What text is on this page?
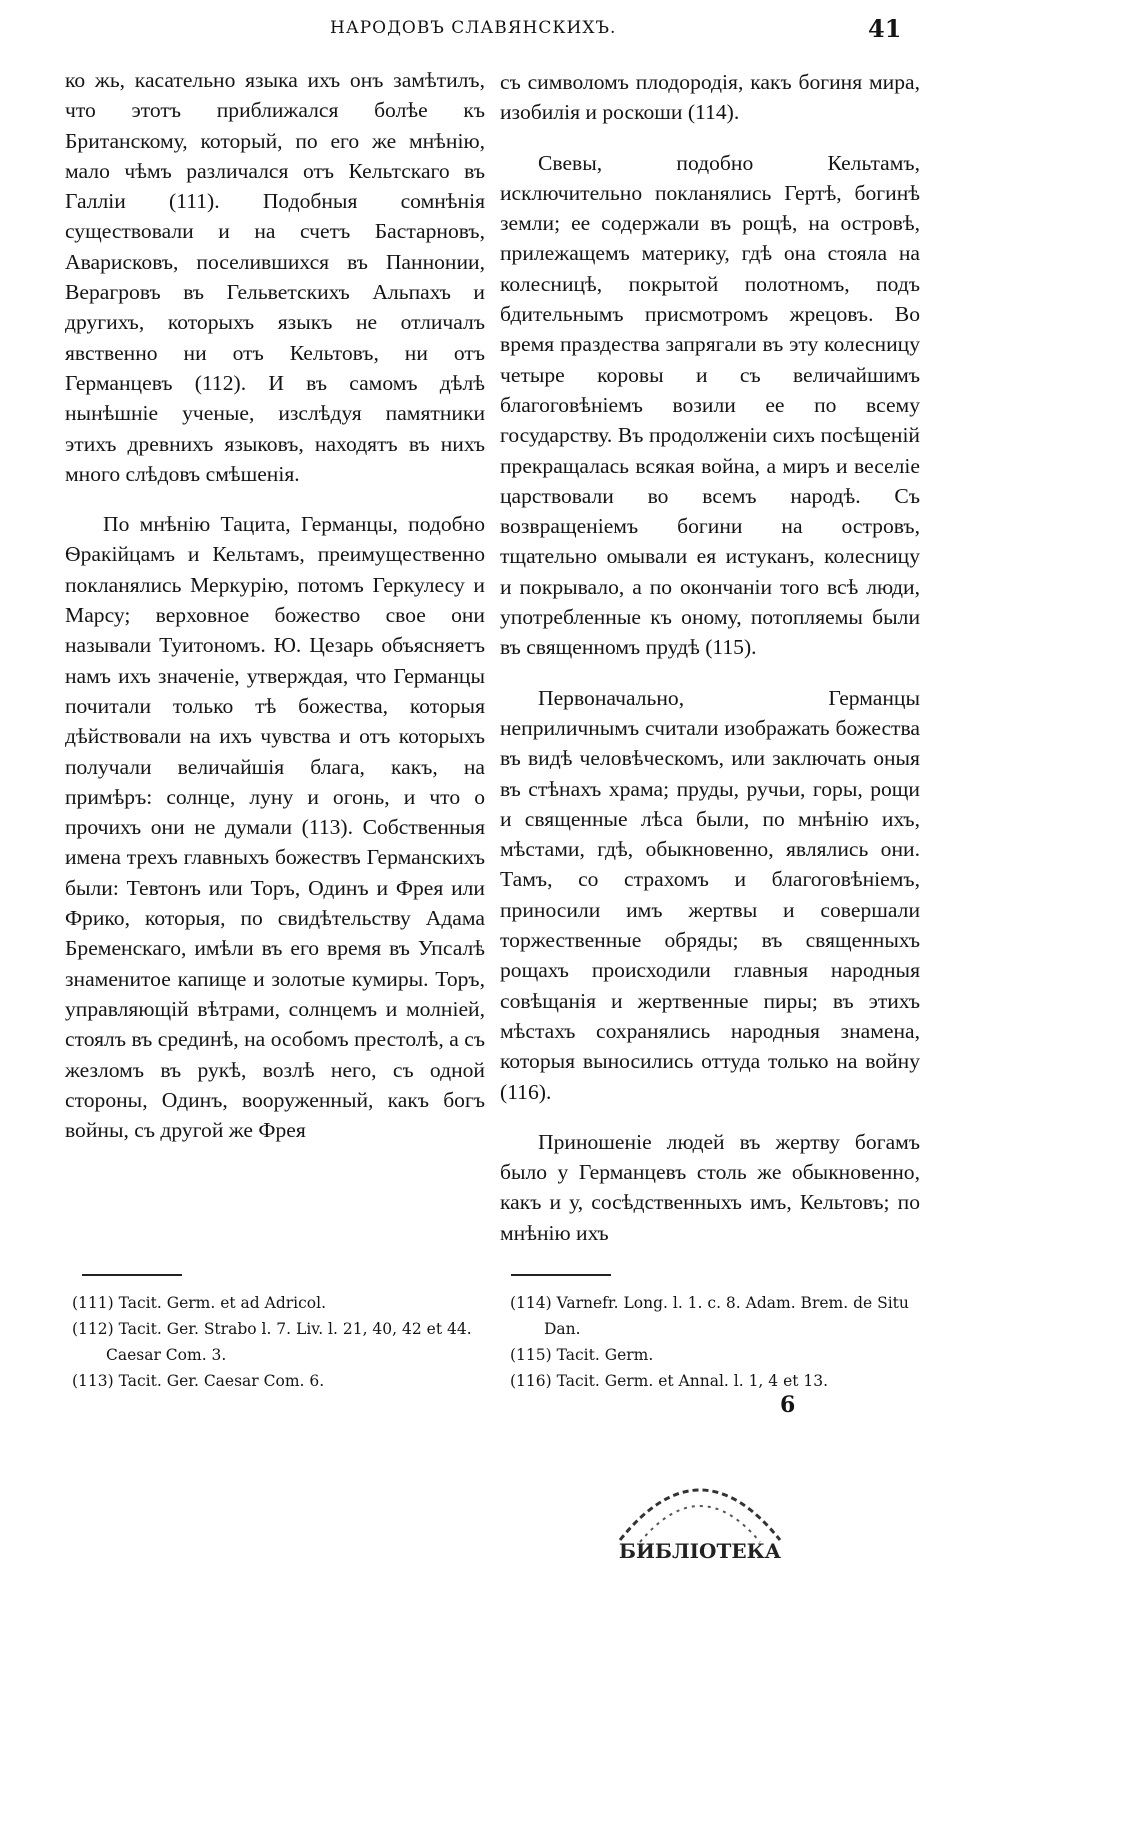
НАРОДОВЪ СЛАВЯНСКИХЪ.	41

ко жь, касательно языка ихъ онъ замѣтилъ, что этотъ приближался болѣе къ Британскому, который, по его же мнѣнію, мало чѣмъ различался отъ Кельтскаго въ Галліи (111). Подобныя сомнѣнія существовали и на счетъ Бастарновъ, Аварисковъ, поселившихся въ Паннонии, Верагровъ въ Гельветскихъ Альпахъ и другихъ, которыхъ языкъ не отличалъ явственно ни отъ Кельтовъ, ни отъ Германцевъ (112). И въ самомъ дѣлѣ нынѣшніе ученые, изслѣдуя памятники этихъ древнихъ языковъ, находятъ въ нихъ много слѣдовъ смѣшенія.

По мнѣнію Тацита, Германцы, подобно Ѳракійцамъ и Кельтамъ, преимущественно покланялись Меркурію, потомъ Геркулесу и Марсу; верховное божество свое они называли Туитономъ. Ю. Цезарь объясняетъ намъ ихъ значеніе, утверждая, что Германцы почитали только тѣ божества, которыя дѣйствовали на ихъ чувства и отъ которыхъ получали величайшія блага, какъ, на примѣръ: солнце, луну и огонь, и что о прочихъ они не думали (113). Собственныя имена трехъ главныхъ божествъ Германскихъ были: Тевтонъ или Торъ, Одинъ и Фрея или Фрико, которыя, по свидѣтельству Адама Бременскаго, имѣли въ его время въ Упсалѣ знаменитое капище и золотые кумиры. Торъ, управляющій вѣтрами, солнцемъ и молніей, стоялъ въ срединѣ, на особомъ престолѣ, а съ жезломъ въ рукѣ, возлѣ него, съ одной стороны, Одинъ, вооруженный, какъ богъ войны, съ другой же Фрея

съ символомъ плодородія, какъ богиня мира, изобилія и роскоши (114).

Свевы, подобно Кельтамъ, исключительно покланялись Гертѣ, богинѣ земли; ее содержали въ рощѣ, на островѣ, прилежащемъ материку, гдѣ она стояла на колесницѣ, покрытой полотномъ, подъ бдительнымъ присмотромъ жрецовъ. Во время праздества запрягали въ эту колесницу четыре коровы и съ величайшимъ благоговѣніемъ возили ее по всему государству. Въ продолженіи сихъ посѣщеній прекращалась всякая война, а миръ и веселіе царствовали во всемъ народѣ. Съ возвращеніемъ богини на островъ, тщательно омывали ея истуканъ, колесницу и покрывало, а по окончаніи того всѣ люди, употребленные къ оному, потопляемы были въ священномъ прудѣ (115).

Первоначально, Германцы неприличнымъ считали изображать божества въ видѣ человѣческомъ, или заключать оныя въ стѣнахъ храма; пруды, ручьи, горы, рощи и священные лѣса были, по мнѣнію ихъ, мѣстами, гдѣ, обыкновенно, являлись они. Тамъ, со страхомъ и благоговѣніемъ, приносили имъ жертвы и совершали торжественные обряды; въ священныхъ рощахъ происходили главныя народныя совѣщанія и жертвенные пиры; въ этихъ мѣстахъ сохранялись народныя знамена, которыя выносились оттуда только на войну (116).

Приношеніе людей въ жертву богамъ было у Германцевъ столь же обыкновенно, какъ и у, сосѣдственныхъ имъ, Кельтовъ; по мнѣнію ихъ

(111) Tacit. Germ. et ad Adricol.
(112) Tacit. Ger. Strabo l. 7. Liv. l. 21, 40, 42 et 44. Caesar Com. 3.
(113) Tacit. Ger. Caesar Com. 6.
(114) Varnefr. Long. l. 1. c. 8. Adam. Brem. de Situ Dan.
(115) Tacit. Germ.
(116) Tacit. Germ. et Annal. l. 1, 4 et 13.
6
БИБЛІОТЕКА
